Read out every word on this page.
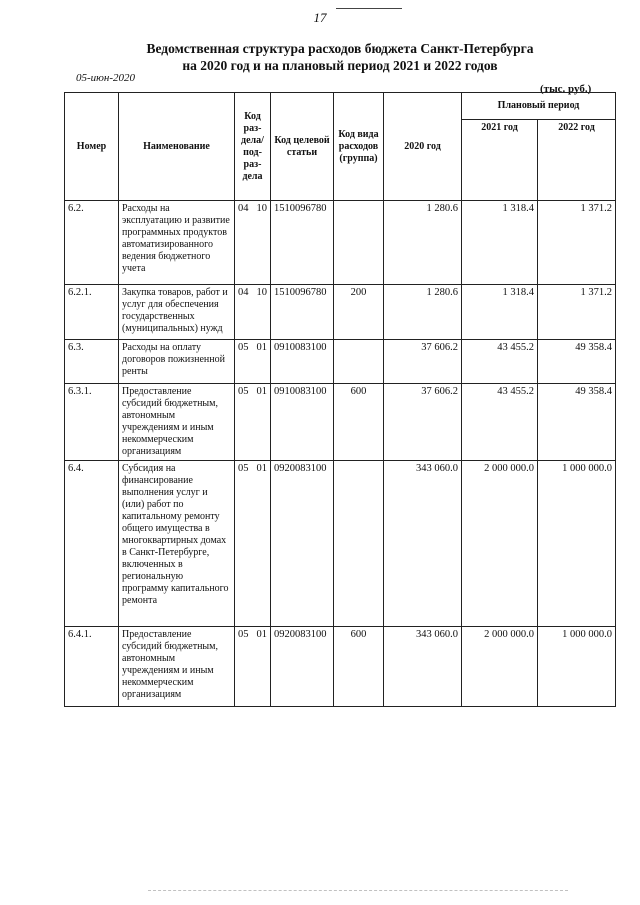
17
Ведомственная структура расходов бюджета Санкт-Петербурга
на 2020 год и на плановый период 2021 и 2022 годов
05-июн-2020
(тыс. руб.)
Номер	Наименование	Код раз-дела/ под-раз-дела	Код целевой статьи	Код вида расходов (группа)	2020 год	Плановый период	
						2021 год	2022 год
6.2.	Расходы на эксплуатацию и развитие программных продуктов автоматизированного ведения бюджетного учета	04 10	1510096780		1 280.6	1 318.4	1 371.2
6.2.1.	Закупка товаров, работ и услуг для обеспечения государственных (муниципальных) нужд	04 10	1510096780	200	1 280.6	1 318.4	1 371.2
6.3.	Расходы на оплату договоров пожизненной ренты	05 01	0910083100		37 606.2	43 455.2	49 358.4
6.3.1.	Предоставление субсидий бюджетным, автономным учреждениям и иным некоммерческим организациям	05 01	0910083100	600	37 606.2	43 455.2	49 358.4
6.4.	Субсидия на финансирование выполнения услуг и (или) работ по капитальному ремонту общего имущества в многоквартирных домах в Санкт-Петербурге, включенных в региональную программу капитального ремонта	05 01	0920083100		343 060.0	2 000 000.0	1 000 000.0
6.4.1.	Предоставление субсидий бюджетным, автономным учреждениям и иным некоммерческим организациям	05 01	0920083100	600	343 060.0	2 000 000.0	1 000 000.0
